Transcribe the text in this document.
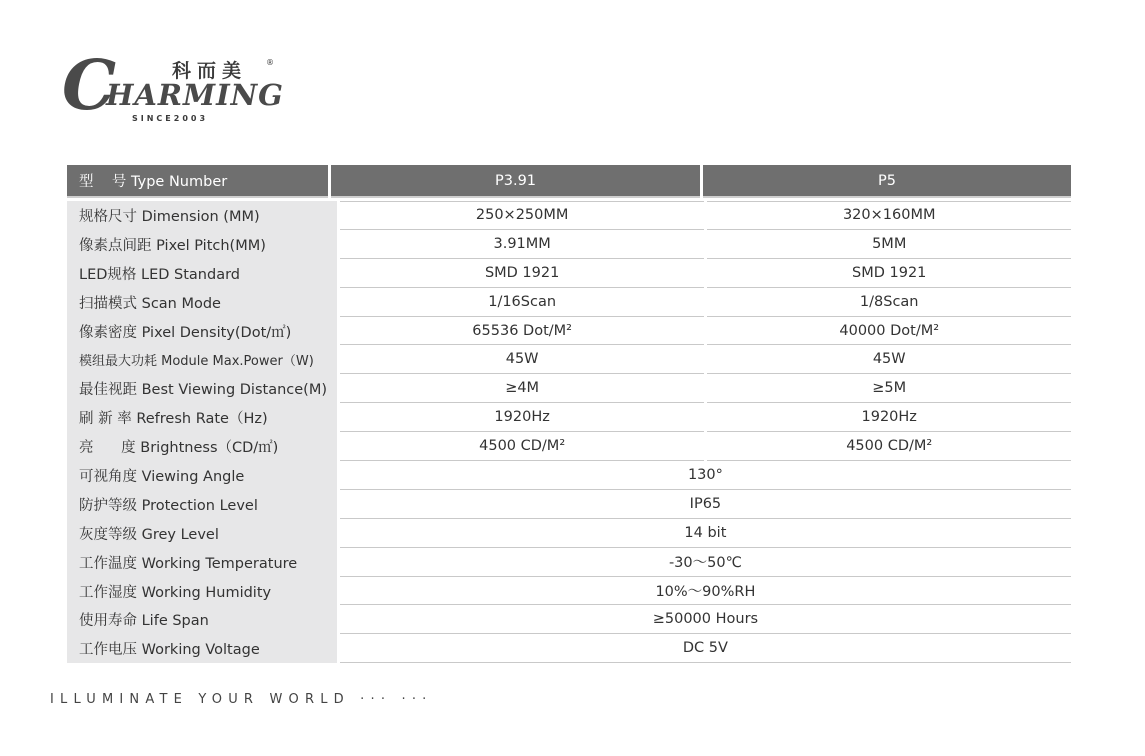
C
HARMING
科而美 ®
SINCE2003
型    号 Type Number	P3.91	P5
规格尺寸 Dimension (MM)	250×250MM	320×160MM
像素点间距 Pixel Pitch(MM)	3.91MM	5MM
LED规格 LED Standard	SMD 1921	SMD 1921
扫描模式 Scan Mode	1/16Scan	1/8Scan
像素密度 Pixel Density(Dot/㎡)	65536 Dot/M²	40000 Dot/M²
模组最大功耗 Module Max.Power（W)	45W	45W
最佳视距 Best Viewing Distance(M)	≥4M	≥5M
刷 新 率 Refresh Rate（Hz)	1920Hz	1920Hz
亮      度 Brightness（CD/㎡)	4500 CD/M²	4500 CD/M²
可视角度 Viewing Angle	130°
防护等级 Protection Level	IP65
灰度等级 Grey Level	14 bit
工作温度 Working Temperature	-30～50℃
工作湿度 Working Humidity	10%～90%RH
使用寿命 Life Span	≥50000 Hours
工作电压 Working Voltage	DC 5V
ILLUMINATE YOUR WORLD ··· ···
